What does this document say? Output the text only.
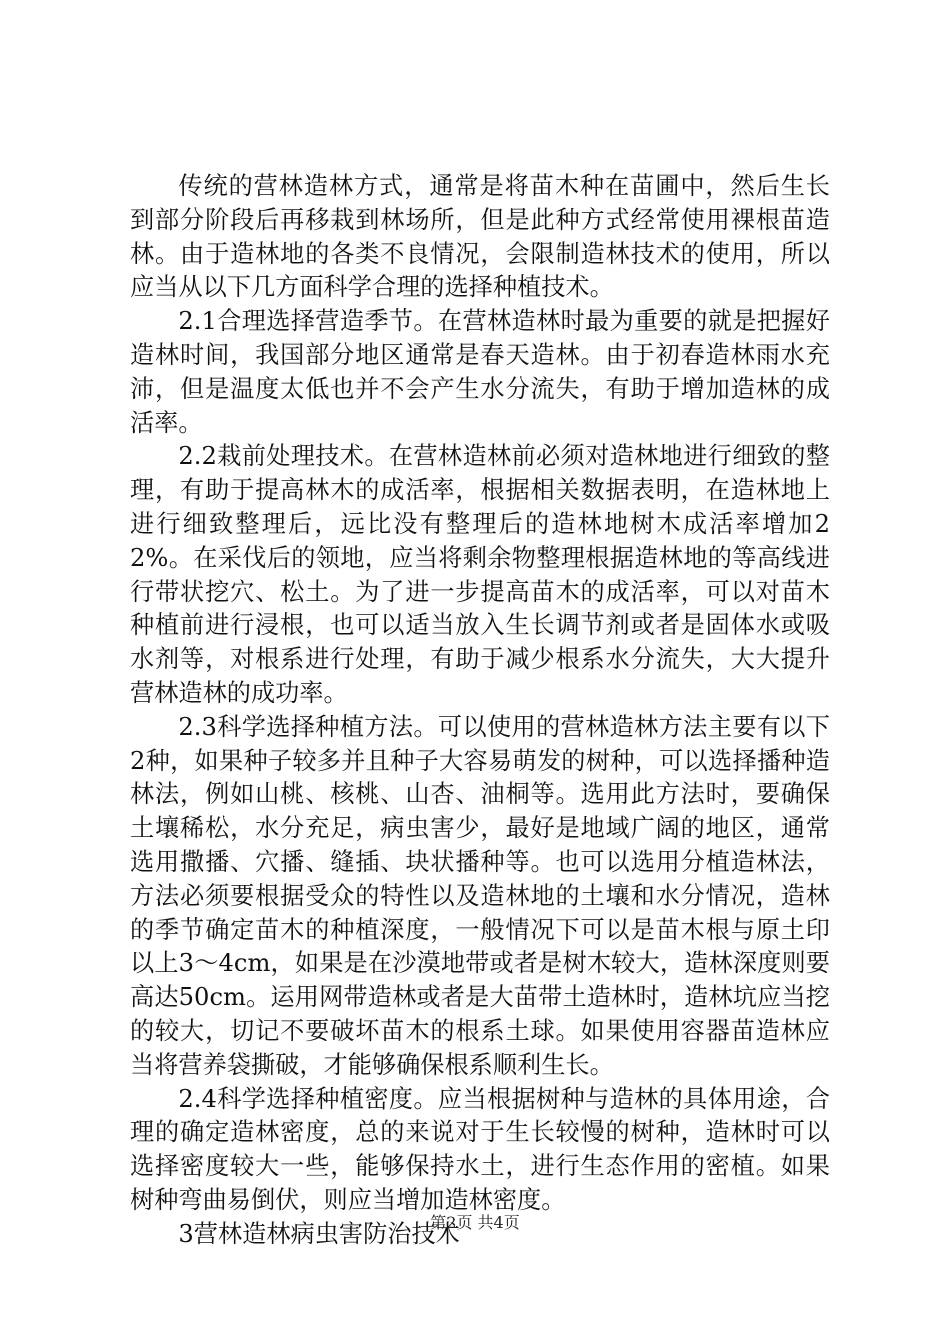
传统的营林造林方式，通常是将苗木种在苗圃中，然后生长到部分阶段后再移栽到林场所，但是此种方式经常使用裸根苗造林。由于造林地的各类不良情况，会限制造林技术的使用，所以应当从以下几方面科学合理的选择种植技术。

2.1合理选择营造季节。在营林造林时最为重要的就是把握好造林时间，我国部分地区通常是春天造林。由于初春造林雨水充沛，但是温度太低也并不会产生水分流失，有助于增加造林的成活率。

2.2栽前处理技术。在营林造林前必须对造林地进行细致的整理，有助于提高林木的成活率，根据相关数据表明，在造林地上进行细致整理后，远比没有整理后的造林地树木成活率增加22%。在采伐后的领地，应当将剩余物整理根据造林地的等高线进行带状挖穴、松土。为了进一步提高苗木的成活率，可以对苗木种植前进行浸根，也可以适当放入生长调节剂或者是固体水或吸水剂等，对根系进行处理，有助于减少根系水分流失，大大提升营林造林的成功率。

2.3科学选择种植方法。可以使用的营林造林方法主要有以下2种，如果种子较多并且种子大容易萌发的树种，可以选择播种造林法，例如山桃、核桃、山杏、油桐等。选用此方法时，要确保土壤稀松，水分充足，病虫害少，最好是地域广阔的地区，通常选用撒播、穴播、缝插、块状播种等。也可以选用分植造林法，方法必须要根据受众的特性以及造林地的土壤和水分情况，造林的季节确定苗木的种植深度，一般情况下可以是苗木根与原土印以上3～4cm，如果是在沙漠地带或者是树木较大，造林深度则要高达50cm。运用网带造林或者是大苗带土造林时，造林坑应当挖的较大，切记不要破坏苗木的根系土球。如果使用容器苗造林应当将营养袋撕破，才能够确保根系顺利生长。

2.4科学选择种植密度。应当根据树种与造林的具体用途，合理的确定造林密度，总的来说对于生长较慢的树种，造林时可以选择密度较大一些，能够保持水土，进行生态作用的密植。如果树种弯曲易倒伏，则应当增加造林密度。

3营林造林病虫害防治技术

第2页 共4页
